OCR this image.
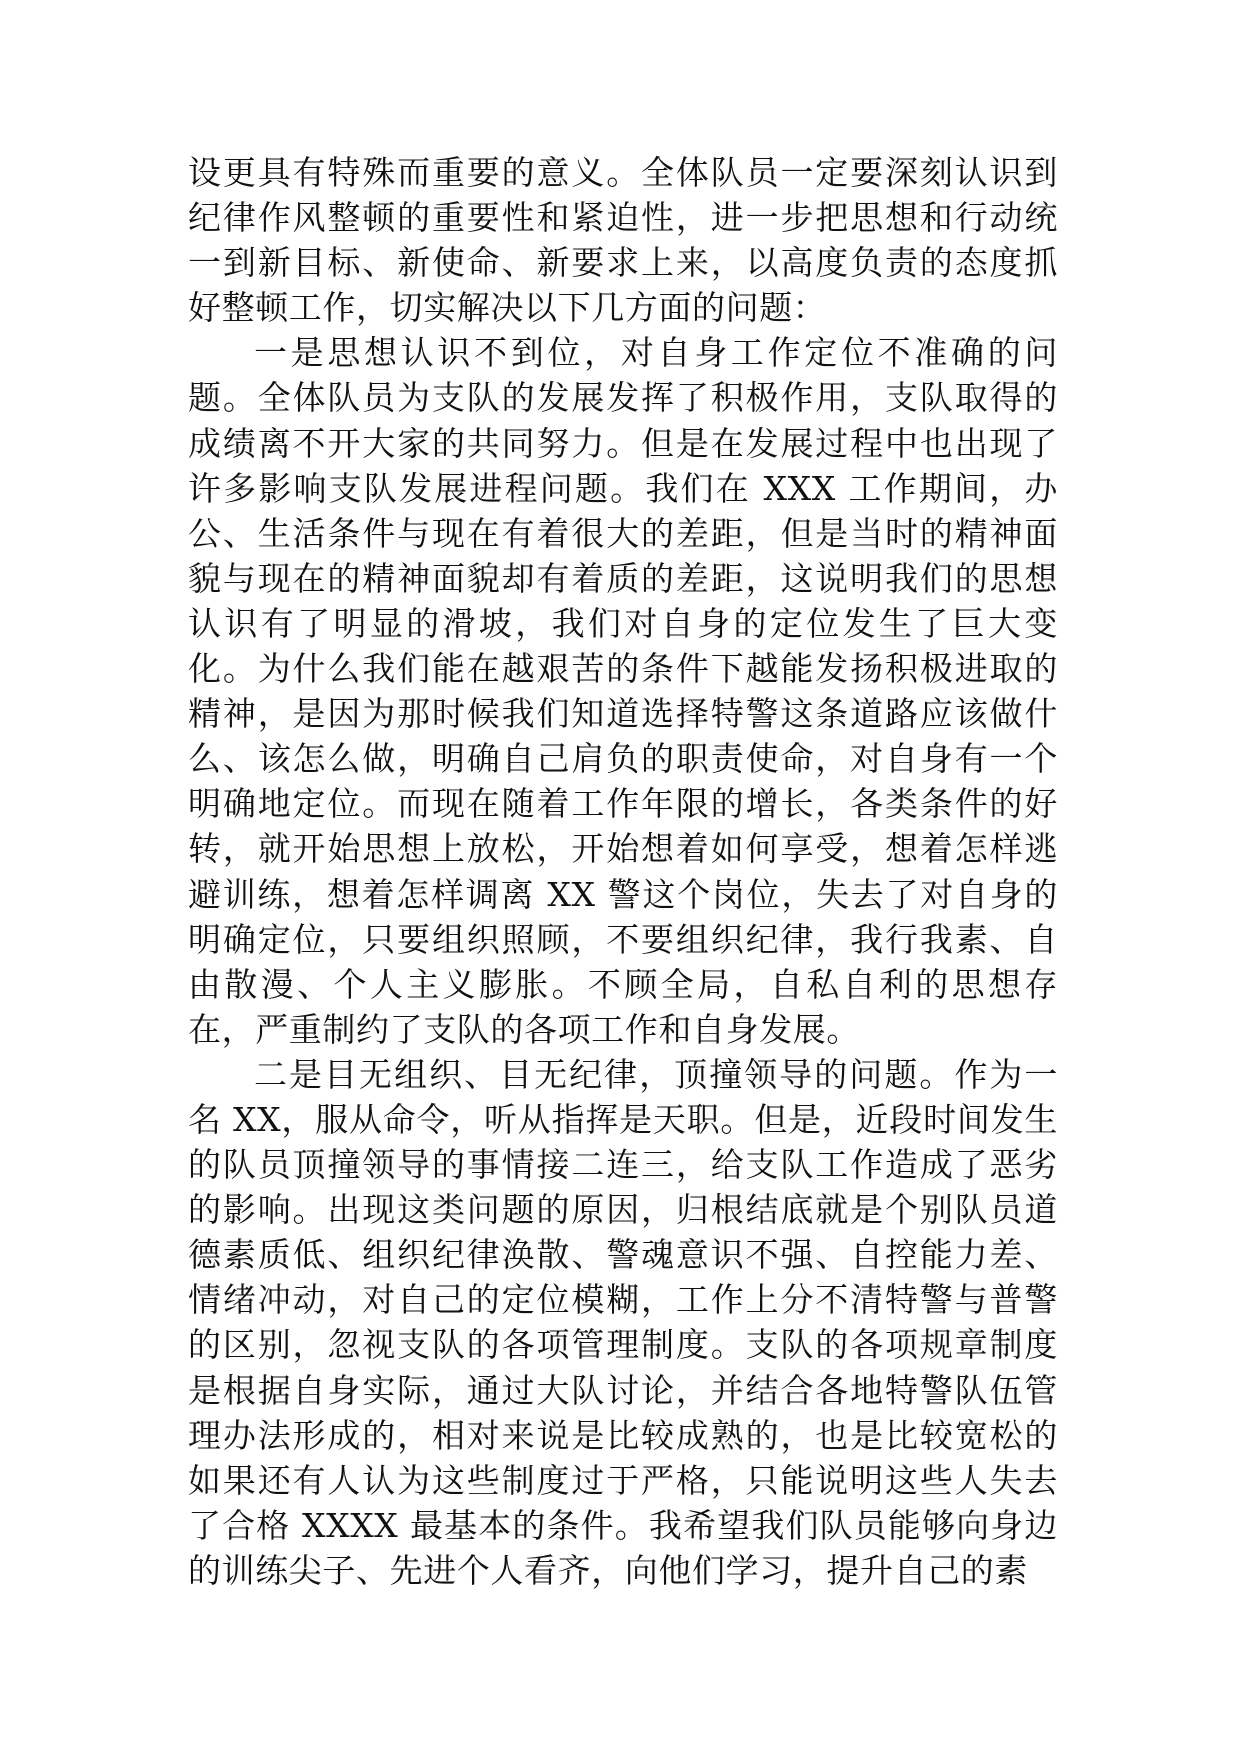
设更具有特殊而重要的意义。全体队员一定要深刻认识到纪律作风整顿的重要性和紧迫性，进一步把思想和行动统一到新目标、新使命、新要求上来，以高度负责的态度抓好整顿工作，切实解决以下几方面的问题：

一是思想认识不到位，对自身工作定位不准确的问题。全体队员为支队的发展发挥了积极作用，支队取得的成绩离不开大家的共同努力。但是在发展过程中也出现了许多影响支队发展进程问题。我们在 XXX 工作期间，办公、生活条件与现在有着很大的差距，但是当时的精神面貌与现在的精神面貌却有着质的差距，这说明我们的思想认识有了明显的滑坡，我们对自身的定位发生了巨大变化。为什么我们能在越艰苦的条件下越能发扬积极进取的精神，是因为那时候我们知道选择特警这条道路应该做什么、该怎么做，明确自己肩负的职责使命，对自身有一个明确地定位。而现在随着工作年限的增长，各类条件的好转，就开始思想上放松，开始想着如何享受，想着怎样逃避训练，想着怎样调离 XX 警这个岗位，失去了对自身的明确定位，只要组织照顾，不要组织纪律，我行我素、自由散漫、个人主义膨胀。不顾全局，自私自利的思想存在，严重制约了支队的各项工作和自身发展。

二是目无组织、目无纪律，顶撞领导的问题。作为一名 XX，服从命令，听从指挥是天职。但是，近段时间发生的队员顶撞领导的事情接二连三，给支队工作造成了恶劣的影响。出现这类问题的原因，归根结底就是个别队员道德素质低、组织纪律涣散、警魂意识不强、自控能力差、情绪冲动，对自己的定位模糊，工作上分不清特警与普警的区别，忽视支队的各项管理制度。支队的各项规章制度是根据自身实际，通过大队讨论，并结合各地特警队伍管理办法形成的，相对来说是比较成熟的，也是比较宽松的如果还有人认为这些制度过于严格，只能说明这些人失去了合格 XXXX 最基本的条件。我希望我们队员能够向身边的训练尖子、先进个人看齐，向他们学习，提升自己的素
